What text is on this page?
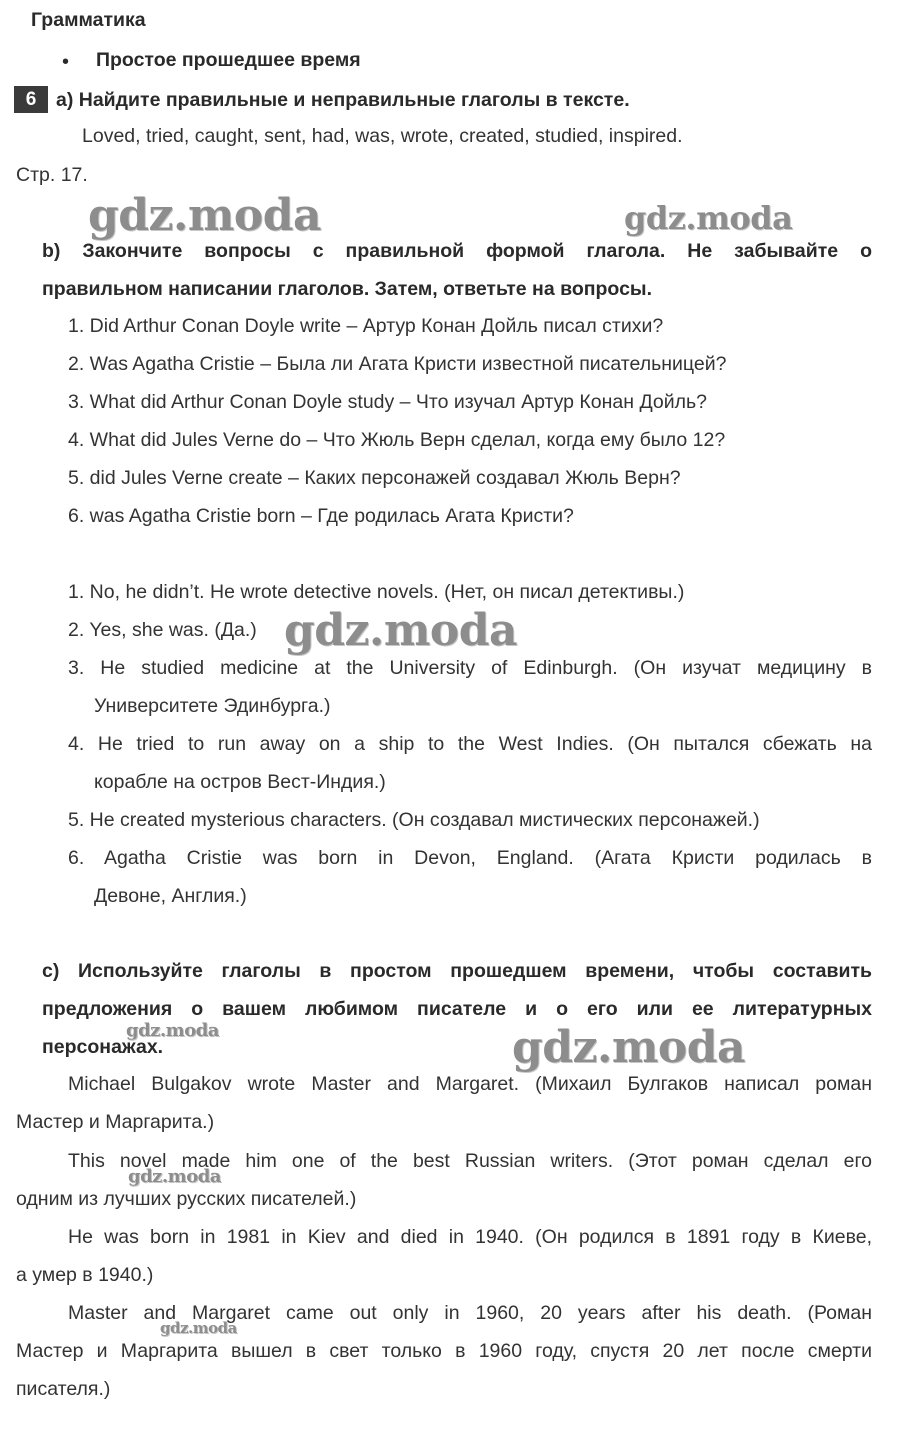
Грамматика
• Простое прошедшее время
6	a) Найдите правильные и неправильные глаголы в тексте.
Loved, tried, caught, sent, had, was, wrote, created, studied, inspired.
Стр. 17.
b) Закончите вопросы с правильной формой глагола. Не забывайте о
правильном написании глаголов. Затем, ответьте на вопросы.
1. Did Arthur Conan Doyle write – Артур Конан Дойль писал стихи?
2. Was Agatha Cristie – Была ли Агата Кристи известной писательницей?
3. What did Arthur Conan Doyle study – Что изучал Артур Конан Дойль?
4. What did Jules Verne do – Что Жюль Верн сделал, когда ему было 12?
5. did Jules Verne create – Каких персонажей создавал Жюль Верн?
6. was Agatha Cristie born – Где родилась Агата Кристи?
1. No, he didn’t. He wrote detective novels. (Нет, он писал детективы.)
2. Yes, she was. (Да.)
3. He studied medicine at the University of Edinburgh. (Он изучат медицину в
Университете Эдинбурга.)
4. He tried to run away on a ship to the West Indies. (Он пытался сбежать на
корабле на остров Вест-Индия.)
5. He created mysterious characters. (Он создавал мистических персонажей.)
6. Agatha Cristie was born in Devon, England. (Агата Кристи родилась в
Девоне, Англия.)
c) Используйте глаголы в простом прошедшем времени, чтобы составить
предложения о вашем любимом писателе и о его или ее литературных
персонажах.
Michael Bulgakov wrote Master and Margaret. (Михаил Булгаков написал роман
Мастер и Маргарита.)
This novel made him one of the best Russian writers. (Этот роман сделал его
одним из лучших русских писателей.)
He was born in 1981 in Kiev and died in 1940. (Он родился в 1891 году в Киеве,
а умер в 1940.)
Master and Margaret came out only in 1960, 20 years after his death. (Роман
Мастер и Маргарита вышел в свет только в 1960 году, спустя 20 лет после смерти
писателя.)
gdz.moda	gdz.moda
gdz.moda
gdz.moda
gdz.moda
gdz.moda
gdz.moda
